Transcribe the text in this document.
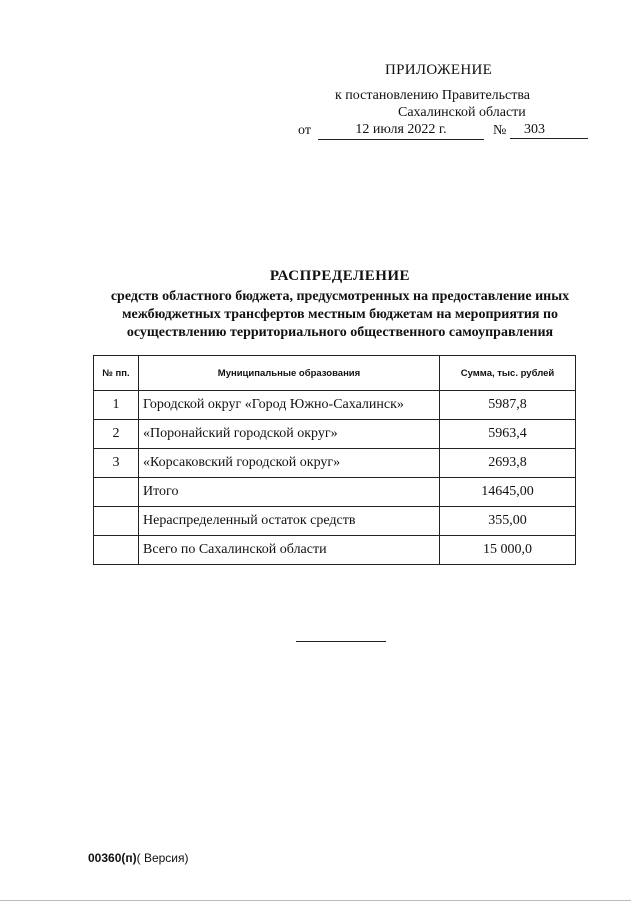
ПРИЛОЖЕНИЕ
к постановлению Правительства
Сахалинской области
от	12 июля 2022 г.	№	303
РАСПРЕДЕЛЕНИЕ
средств областного бюджета, предусмотренных на предоставление иных межбюджетных трансфертов местным бюджетам на мероприятия по осуществлению территориального общественного самоуправления
№ пп.	Муниципальные образования	Сумма, тыс. рублей
1	Городской округ «Город Южно-Сахалинск»	5987,8
2	«Поронайский городской округ»	5963,4
3	«Корсаковский городской округ»	2693,8
	Итого	14645,00
	Нераспределенный остаток средств	355,00
	Всего по Сахалинской области	15 000,0
00360(п)( Версия)
